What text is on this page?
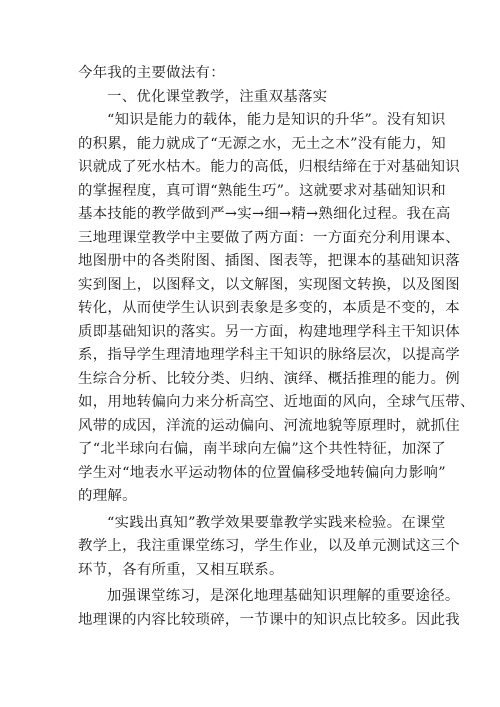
今年我的主要做法有：
一、优化课堂教学，注重双基落实
“知识是能力的载体，能力是知识的升华”。没有知识
的积累，能力就成了“无源之水，无土之木”没有能力，知
识就成了死水枯木。能力的高低，归根结缔在于对基础知识
的掌握程度，真可谓“熟能生巧”。这就要求对基础知识和
基本技能的教学做到严→实→细→精→熟细化过程。我在高
三地理课堂教学中主要做了两方面：一方面充分利用课本、
地图册中的各类附图、插图、图表等，把课本的基础知识落
实到图上，以图释文，以文解图，实现图文转换，以及图图
转化，从而使学生认识到表象是多变的，本质是不变的，本
质即基础知识的落实。另一方面，构建地理学科主干知识体
系，指导学生理清地理学科主干知识的脉络层次，以提高学
生综合分析、比较分类、归纳、演绎、概括推理的能力。例
如，用地转偏向力来分析高空、近地面的风向，全球气压带、
风带的成因，洋流的运动偏向、河流地貌等原理时，就抓住
了“北半球向右偏，南半球向左偏”这个共性特征，加深了
学生对“地表水平运动物体的位置偏移受地转偏向力影响”
的理解。
“实践出真知”教学效果要靠教学实践来检验。在课堂
教学上，我注重课堂练习，学生作业，以及单元测试这三个
环节，各有所重，又相互联系。
加强课堂练习，是深化地理基础知识理解的重要途径。
地理课的内容比较琐碎，一节课中的知识点比较多。因此我
